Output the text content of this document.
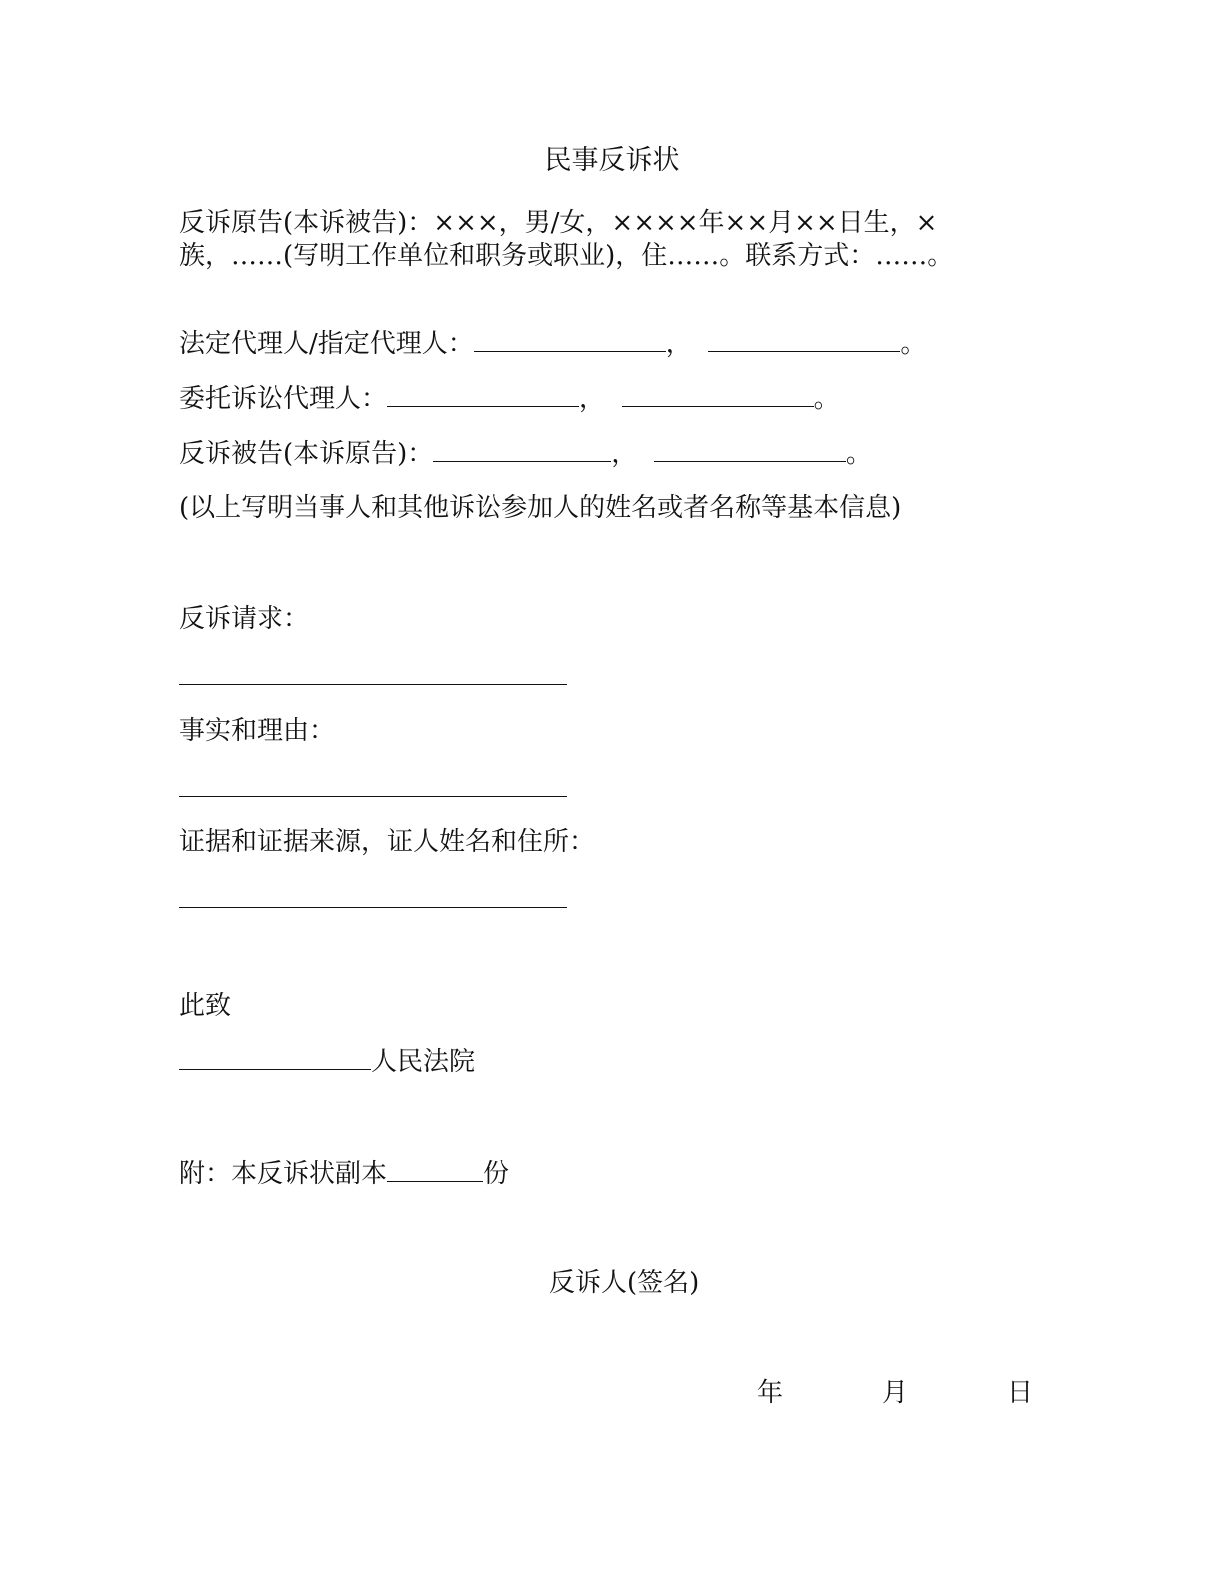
民事反诉状
反诉原告(本诉被告)：×××，男/女，××××年××月××日生，×族，……(写明工作单位和职务或职业)，住……。联系方式：……。
法定代理人/指定代理人：	，	。
委托诉讼代理人：	，	。
反诉被告(本诉原告)：	，	。
(以上写明当事人和其他诉讼参加人的姓名或者名称等基本信息)
反诉请求：
事实和理由：
证据和证据来源，证人姓名和住所：
此致
人民法院
附：本反诉状副本	份
反诉人(签名)
年	月	日
